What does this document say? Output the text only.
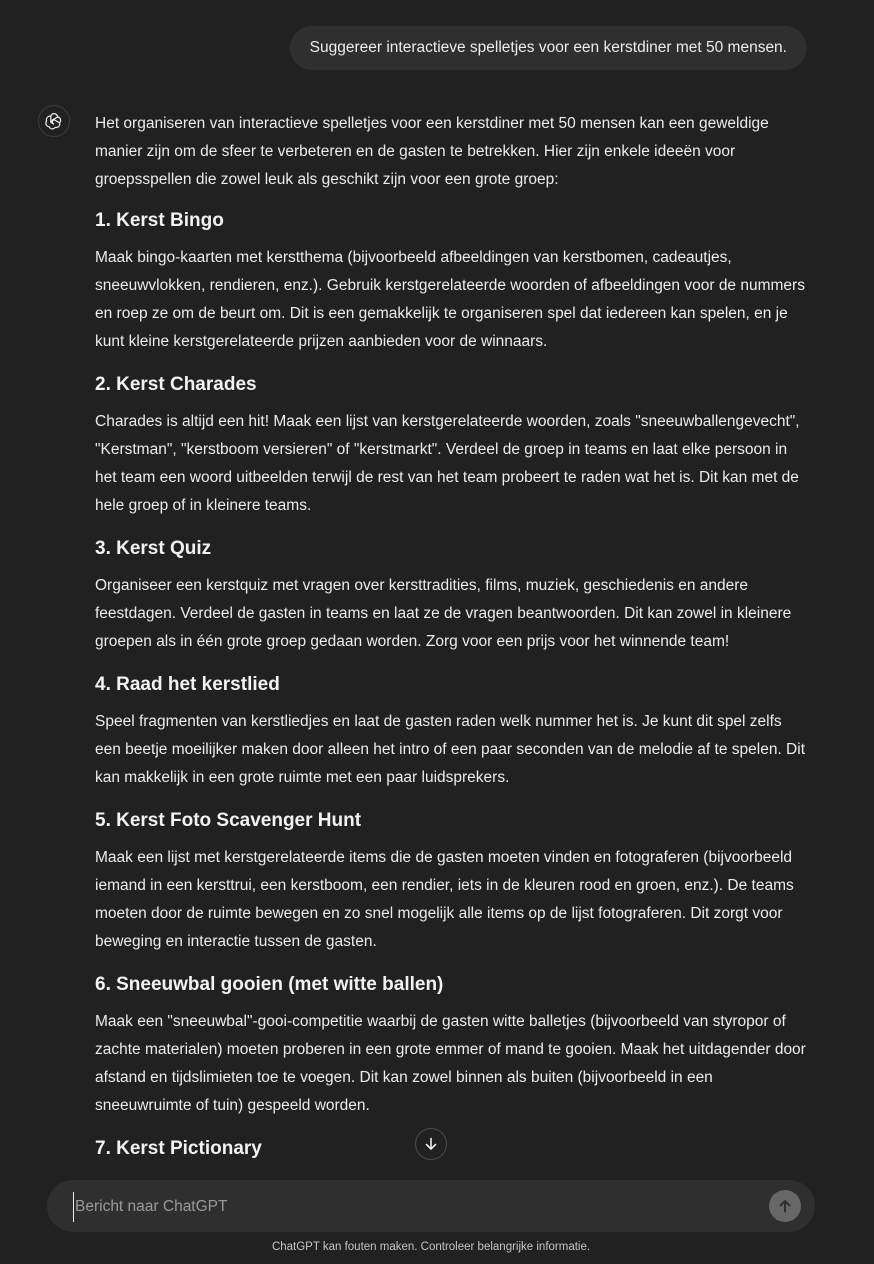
Suggereer interactieve spelletjes voor een kerstdiner met 50 mensen.

Het organiseren van interactieve spelletjes voor een kerstdiner met 50 mensen kan een geweldige manier zijn om de sfeer te verbeteren en de gasten te betrekken. Hier zijn enkele ideeën voor groepsspellen die zowel leuk als geschikt zijn voor een grote groep:

1. Kerst Bingo

Maak bingo-kaarten met kerstthema (bijvoorbeeld afbeeldingen van kerstbomen, cadeautjes, sneeuwvlokken, rendieren, enz.). Gebruik kerstgerelateerde woorden of afbeeldingen voor de nummers en roep ze om de beurt om. Dit is een gemakkelijk te organiseren spel dat iedereen kan spelen, en je kunt kleine kerstgerelateerde prijzen aanbieden voor de winnaars.

2. Kerst Charades

Charades is altijd een hit! Maak een lijst van kerstgerelateerde woorden, zoals "sneeuwballengevecht", "Kerstman", "kerstboom versieren" of "kerstmarkt". Verdeel de groep in teams en laat elke persoon in het team een woord uitbeelden terwijl de rest van het team probeert te raden wat het is. Dit kan met de hele groep of in kleinere teams.

3. Kerst Quiz

Organiseer een kerstquiz met vragen over kersttradities, films, muziek, geschiedenis en andere feestdagen. Verdeel de gasten in teams en laat ze de vragen beantwoorden. Dit kan zowel in kleinere groepen als in één grote groep gedaan worden. Zorg voor een prijs voor het winnende team!

4. Raad het kerstlied

Speel fragmenten van kerstliedjes en laat de gasten raden welk nummer het is. Je kunt dit spel zelfs een beetje moeilijker maken door alleen het intro of een paar seconden van de melodie af te spelen. Dit kan makkelijk in een grote ruimte met een paar luidsprekers.

5. Kerst Foto Scavenger Hunt

Maak een lijst met kerstgerelateerde items die de gasten moeten vinden en fotograferen (bijvoorbeeld iemand in een kersttrui, een kerstboom, een rendier, iets in de kleuren rood en groen, enz.). De teams moeten door de ruimte bewegen en zo snel mogelijk alle items op de lijst fotograferen. Dit zorgt voor beweging en interactie tussen de gasten.

6. Sneeuwbal gooien (met witte ballen)

Maak een "sneeuwbal"-gooi-competitie waarbij de gasten witte balletjes (bijvoorbeeld van styropor of zachte materialen) moeten proberen in een grote emmer of mand te gooien. Maak het uitdagender door afstand en tijdslimieten toe te voegen. Dit kan zowel binnen als buiten (bijvoorbeeld in een sneeuwruimte of tuin) gespeeld worden.

7. Kerst Pictionary

Bericht naar ChatGPT
ChatGPT kan fouten maken. Controleer belangrijke informatie.
